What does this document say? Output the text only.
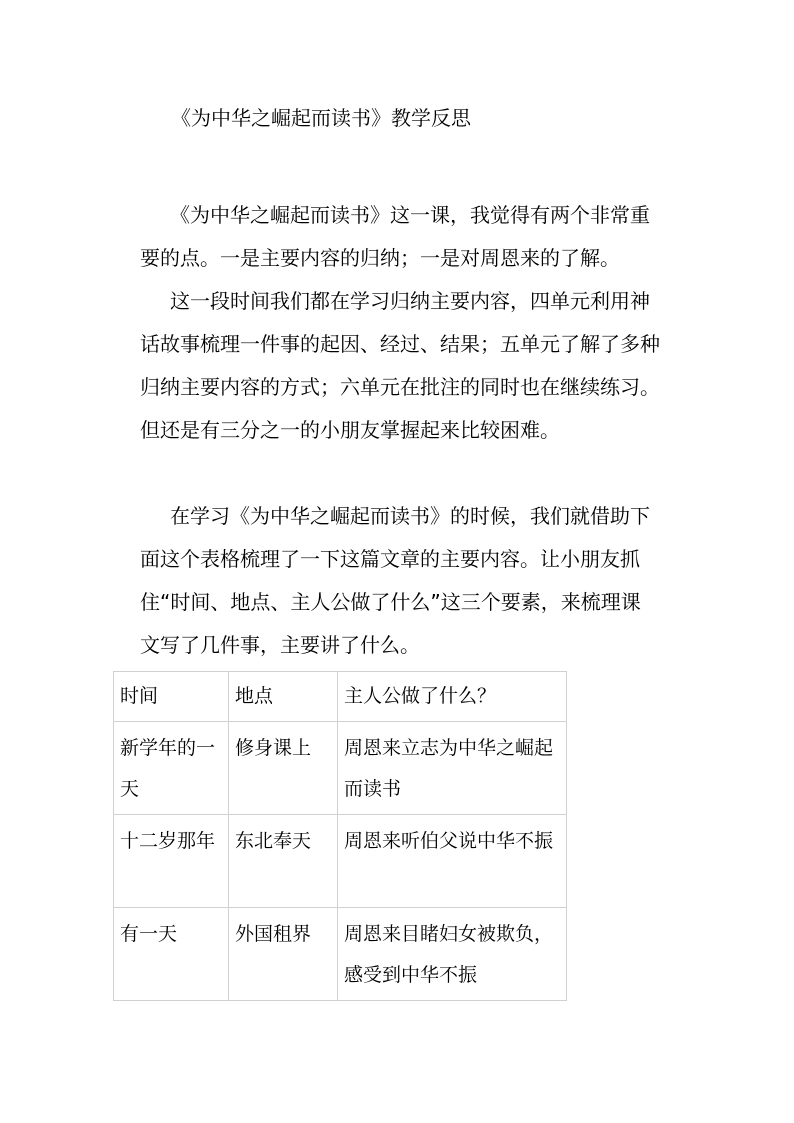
《为中华之崛起而读书》教学反思

《为中华之崛起而读书》这一课，我觉得有两个非常重要的点。一是主要内容的归纳；一是对周恩来的了解。

这一段时间我们都在学习归纳主要内容，四单元利用神话故事梳理一件事的起因、经过、结果；五单元了解了多种归纳主要内容的方式；六单元在批注的同时也在继续练习。但还是有三分之一的小朋友掌握起来比较困难。

在学习《为中华之崛起而读书》的时候，我们就借助下面这个表格梳理了一下这篇文章的主要内容。让小朋友抓住“时间、地点、主人公做了什么”这三个要素，来梳理课文写了几件事，主要讲了什么。

时间	地点	主人公做了什么？
新学年的一天	修身课上	周恩来立志为中华之崛起而读书
十二岁那年	东北奉天	周恩来听伯父说中华不振
有一天	外国租界	周恩来目睹妇女被欺负，感受到中华不振
